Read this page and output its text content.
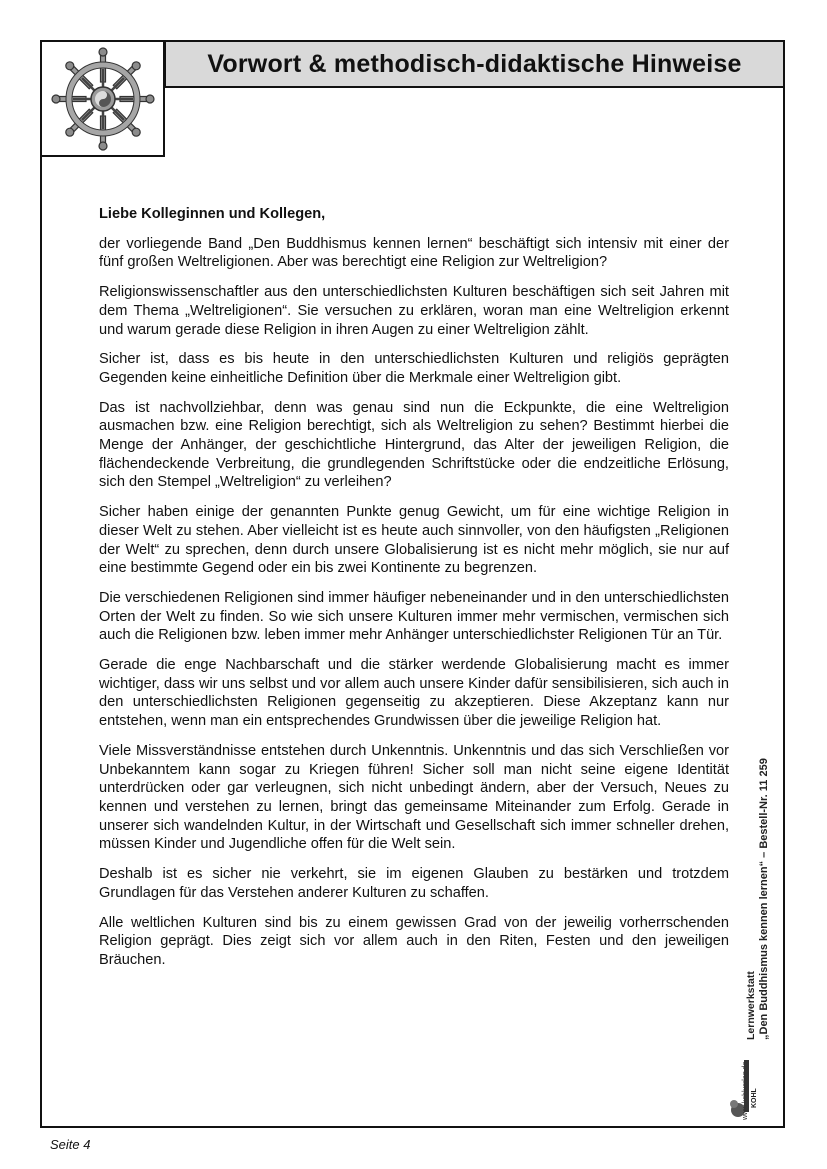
Vorwort & methodisch-didaktische Hinweise

Liebe Kolleginnen und Kollegen,

der vorliegende Band „Den Buddhismus kennen lernen“ beschäftigt sich intensiv mit einer der fünf großen Weltreligionen. Aber was berechtigt eine Religion zur Weltreligion?

Religionswissenschaftler aus den unterschiedlichsten Kulturen beschäftigen sich seit Jahren mit dem Thema „Weltreligionen“. Sie versuchen zu erklären, woran man eine Weltreligion erkennt und warum gerade diese Religion in ihren Augen zu einer Weltreligion zählt.

Sicher ist, dass es bis heute in den unterschiedlichsten Kulturen und religiös geprägten Gegenden keine einheitliche Definition über die Merkmale einer Weltreligion gibt.

Das ist nachvollziehbar, denn was genau sind nun die Eckpunkte, die eine Weltreligion ausmachen bzw. eine Religion berechtigt, sich als Weltreligion zu sehen? Bestimmt hierbei die Menge der Anhänger, der geschichtliche Hintergrund, das Alter der jeweiligen Religion, die flächendeckende Verbreitung, die grundlegenden Schriftstücke oder die endzeitliche Erlösung, sich den Stempel „Weltreligion“ zu verleihen?

Sicher haben einige der genannten Punkte genug Gewicht, um für eine wichtige Religion in dieser Welt zu stehen. Aber vielleicht ist es heute auch sinnvoller, von den häufigsten „Religionen der Welt“ zu sprechen, denn durch unsere Globalisierung ist es nicht mehr möglich, sie nur auf eine bestimmte Gegend oder ein bis zwei Kontinente zu begrenzen.

Die verschiedenen Religionen sind immer häufiger nebeneinander und in den unterschiedlichsten Orten der Welt zu finden. So wie sich unsere Kulturen immer mehr vermischen, vermischen sich auch die Religionen bzw. leben immer mehr Anhänger unterschiedlichster Religionen Tür an Tür.

Gerade die enge Nachbarschaft und die stärker werdende Globalisierung macht es immer wichtiger, dass wir uns selbst und vor allem auch unsere Kinder dafür sensibilisieren, sich auch in den unterschiedlichsten Religionen gegenseitig zu akzeptieren. Diese Akzeptanz kann nur entstehen, wenn man ein entsprechendes Grundwissen über die jeweilige Religion hat.

Viele Missverständnisse entstehen durch Unkenntnis. Unkenntnis und das sich Verschließen vor Unbekanntem kann sogar zu Kriegen führen! Sicher soll man nicht seine eigene Identität unterdrücken oder gar verleugnen, sich nicht unbedingt ändern, aber der Versuch, Neues zu kennen und verstehen zu lernen, bringt das gemeinsame Miteinander zum Erfolg. Gerade in unserer sich wandelnden Kultur, in der Wirtschaft und Gesellschaft sich immer schneller drehen, müssen Kinder und Jugendliche offen für die Welt sein.

Deshalb ist es sicher nie verkehrt, sie im eigenen Glauben zu bestärken und trotzdem Grundlagen für das Verstehen anderer Kulturen zu schaffen.

Alle weltlichen Kulturen sind bis zu einem gewissen Grad von der jeweilig vorherrschenden Religion geprägt. Dies zeigt sich vor allem auch in den Riten, Festen und den jeweiligen Bräuchen.

Lernwerkstatt „Den Buddhismus kennen lernen“ – Bestell-Nr. 11 259
KOHL
www.kohlverlag.de
Seite 4
